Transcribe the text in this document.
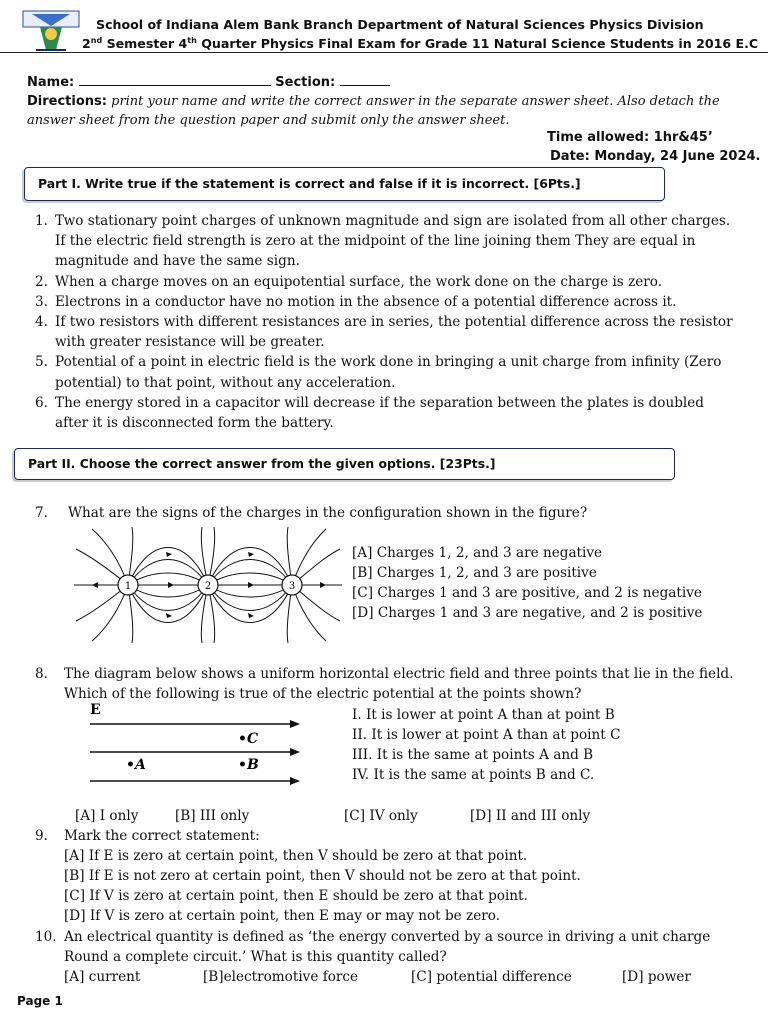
School of Indiana Alem Bank Branch Department of Natural Sciences Physics Division
2nd Semester 4th Quarter Physics Final Exam for Grade 11 Natural Science Students in 2016 E.C
Name:	Section:
Directions: print your name and write the correct answer in the separate answer sheet. Also detach the answer sheet from the question paper and submit only the answer sheet.
Time allowed: 1hr&45’
Date: Monday, 24 June 2024.
Part I. Write true if the statement is correct and false if it is incorrect. [6Pts.]
1. Two stationary point charges of unknown magnitude and sign are isolated from all other charges. If the electric field strength is zero at the midpoint of the line joining them They are equal in magnitude and have the same sign.
2. When a charge moves on an equipotential surface, the work done on the charge is zero.
3. Electrons in a conductor have no motion in the absence of a potential difference across it.
4. If two resistors with different resistances are in series, the potential difference across the resistor with greater resistance will be greater.
5. Potential of a point in electric field is the work done in bringing a unit charge from infinity (Zero potential) to that point, without any acceleration.
6. The energy stored in a capacitor will decrease if the separation between the plates is doubled after it is disconnected form the battery.
Part II. Choose the correct answer from the given options. [23Pts.]
7. What are the signs of the charges in the configuration shown in the figure?
1	2	3
[A] Charges 1, 2, and 3 are negative
[B] Charges 1, 2, and 3 are positive
[C] Charges 1 and 3 are positive, and 2 is negative
[D] Charges 1 and 3 are negative, and 2 is positive
8. The diagram below shows a uniform horizontal electric field and three points that lie in the field. Which of the following is true of the electric potential at the points shown?
E
•C
•A	•B
I. It is lower at point A than at point B
II. It is lower at point A than at point C
III. It is the same at points A and B
IV. It is the same at points B and C.
[A] I only	[B] III only	[C] IV only	[D] II and III only
9. Mark the correct statement:
[A] If E is zero at certain point, then V should be zero at that point.
[B] If E is not zero at certain point, then V should not be zero at that point.
[C] If V is zero at certain point, then E should be zero at that point.
[D] If V is zero at certain point, then E may or may not be zero.
10. An electrical quantity is defined as ‘the energy converted by a source in driving a unit charge Round a complete circuit.’ What is this quantity called?
[A] current	[B]electromotive force	[C] potential difference	[D] power
Page 1
